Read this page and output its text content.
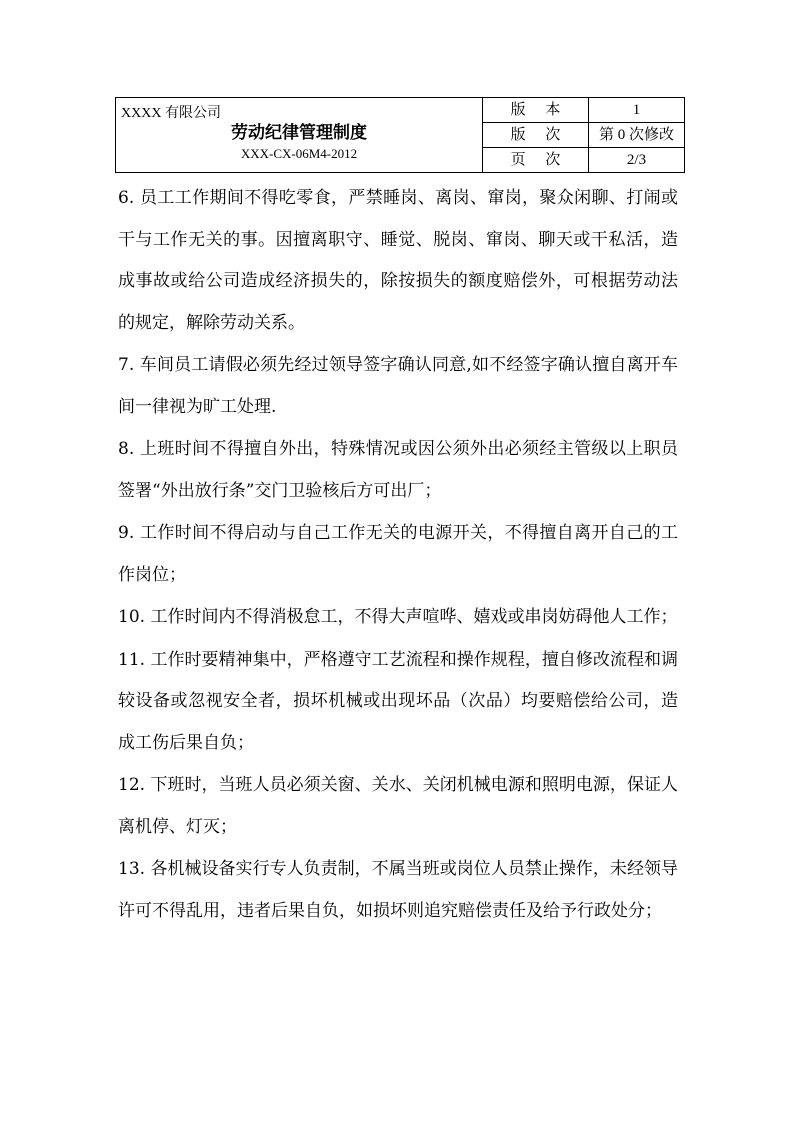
XXXX 有限公司
劳动纪律管理制度
XXX-CX-06M4-2012
版 本	1
版 次	第 0 次修改
页 次	2/3

6. 员工工作期间不得吃零食，严禁睡岗、离岗、窜岗，聚众闲聊、打闹或干与工作无关的事。因擅离职守、睡觉、脱岗、窜岗、聊天或干私活，造成事故或给公司造成经济损失的，除按损失的额度赔偿外，可根据劳动法的规定，解除劳动关系。

7. 车间员工请假必须先经过领导签字确认同意,如不经签字确认擅自离开车间一律视为旷工处理.

8. 上班时间不得擅自外出，特殊情况或因公须外出必须经主管级以上职员签署“外出放行条”交门卫验核后方可出厂；

9. 工作时间不得启动与自己工作无关的电源开关，不得擅自离开自己的工作岗位；

10. 工作时间内不得消极怠工，不得大声喧哗、嬉戏或串岗妨碍他人工作；

11. 工作时要精神集中，严格遵守工艺流程和操作规程，擅自修改流程和调较设备或忽视安全者，损坏机械或出现坏品（次品）均要赔偿给公司，造成工伤后果自负；

12. 下班时，当班人员必须关窗、关水、关闭机械电源和照明电源，保证人离机停、灯灭；

13. 各机械设备实行专人负责制，不属当班或岗位人员禁止操作，未经领导许可不得乱用，违者后果自负，如损坏则追究赔偿责任及给予行政处分；
